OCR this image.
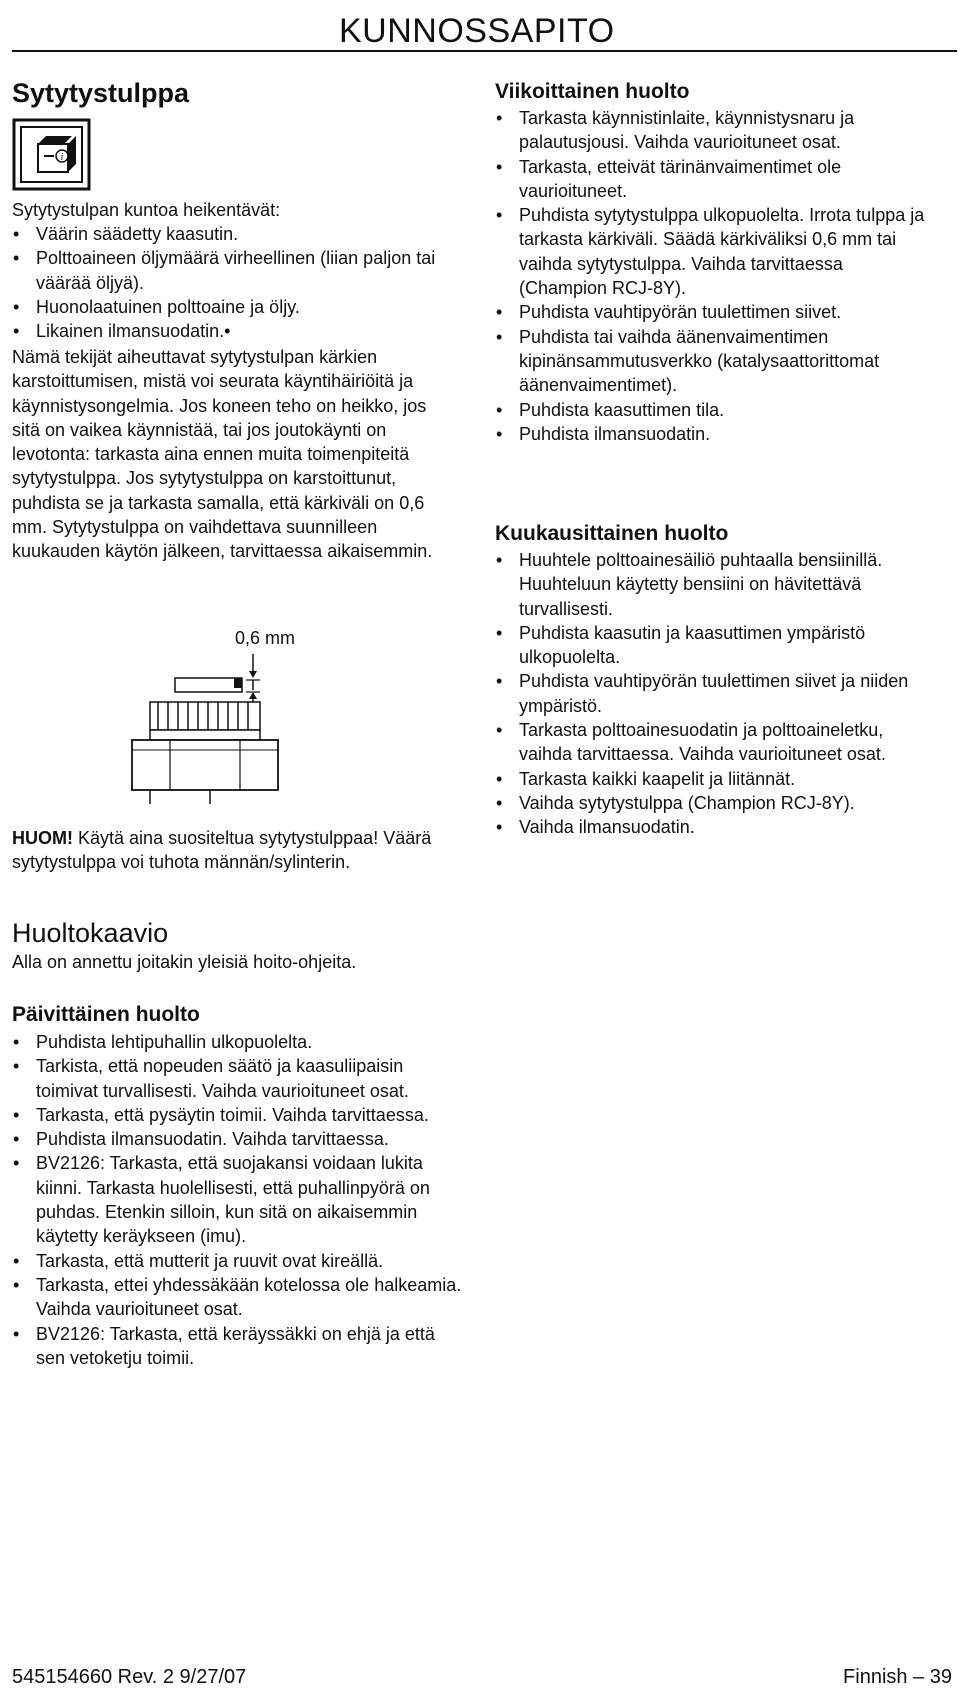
KUNNOSSAPITO
Sytytystulppa
i
Sytytystulpan kuntoa heikentävät:
• Väärin säädetty kaasutin.
• Polttoaineen öljymäärä virheellinen (liian paljon tai väärää öljyä).
• Huonolaatuinen polttoaine ja öljy.
• Likainen ilmansuodatin.•
Nämä tekijät aiheuttavat sytytystulpan kärkien karstoittumisen, mistä voi seurata käyntihäiriöitä ja käynnistysongelmia. Jos koneen teho on heikko, jos sitä on vaikea käynnistää, tai jos joutokäynti on levotonta: tarkasta aina ennen muita toimenpiteitä sytytystulppa. Jos sytytystulppa on karstoittunut, puhdista se ja tarkasta samalla, että kärkiväli on 0,6 mm. Sytytystulppa on vaihdettava suunnilleen kuukauden käytön jälkeen, tarvittaessa aikaisemmin.
0,6 mm
HUOM! Käytä aina suositeltua sytytystulppaa! Väärä sytytystulppa voi tuhota männän/sylinterin.
Huoltokaavio
Alla on annettu joitakin yleisiä hoito-ohjeita.
Päivittäinen huolto
• Puhdista lehtipuhallin ulkopuolelta.
• Tarkista, että nopeuden säätö ja kaasuliipaisin toimivat turvallisesti. Vaihda vaurioituneet osat.
• Tarkasta, että pysäytin toimii. Vaihda tarvittaessa.
• Puhdista ilmansuodatin. Vaihda tarvittaessa.
• BV2126: Tarkasta, että suojakansi voidaan lukita kiinni. Tarkasta huolellisesti, että puhallinpyörä on puhdas. Etenkin silloin, kun sitä on aikaisemmin käytetty keräykseen (imu).
• Tarkasta, että mutterit ja ruuvit ovat kireällä.
• Tarkasta, ettei yhdessäkään kotelossa ole halkeamia. Vaihda vaurioituneet osat.
• BV2126: Tarkasta, että keräyssäkki on ehjä ja että sen vetoketju toimii.
Viikoittainen huolto
• Tarkasta käynnistinlaite, käynnistysnaru ja palautusjousi. Vaihda vaurioituneet osat.
• Tarkasta, etteivät tärinänvaimentimet ole vaurioituneet.
• Puhdista sytytystulppa ulkopuolelta. Irrota tulppa ja tarkasta kärkiväli. Säädä kärkiväliksi 0,6 mm tai vaihda sytytystulppa. Vaihda tarvittaessa (Champion RCJ-8Y).
• Puhdista vauhtipyörän tuulettimen siivet.
• Puhdista tai vaihda äänenvaimentimen kipinänsammutusverkko (katalysaattorittomat äänenvaimentimet).
• Puhdista kaasuttimen tila.
• Puhdista ilmansuodatin.
Kuukausittainen huolto
• Huuhtele polttoainesäiliö puhtaalla bensiinillä. Huuhteluun käytetty bensiini on hävitettävä turvallisesti.
• Puhdista kaasutin ja kaasuttimen ympäristö ulkopuolelta.
• Puhdista vauhtipyörän tuulettimen siivet ja niiden ympäristö.
• Tarkasta polttoainesuodatin ja polttoaineletku, vaihda tarvittaessa. Vaihda vaurioituneet osat.
• Tarkasta kaikki kaapelit ja liitännät.
• Vaihda sytytystulppa (Champion RCJ-8Y).
• Vaihda ilmansuodatin.
545154660 Rev. 2 9/27/07	Finnish – 39
